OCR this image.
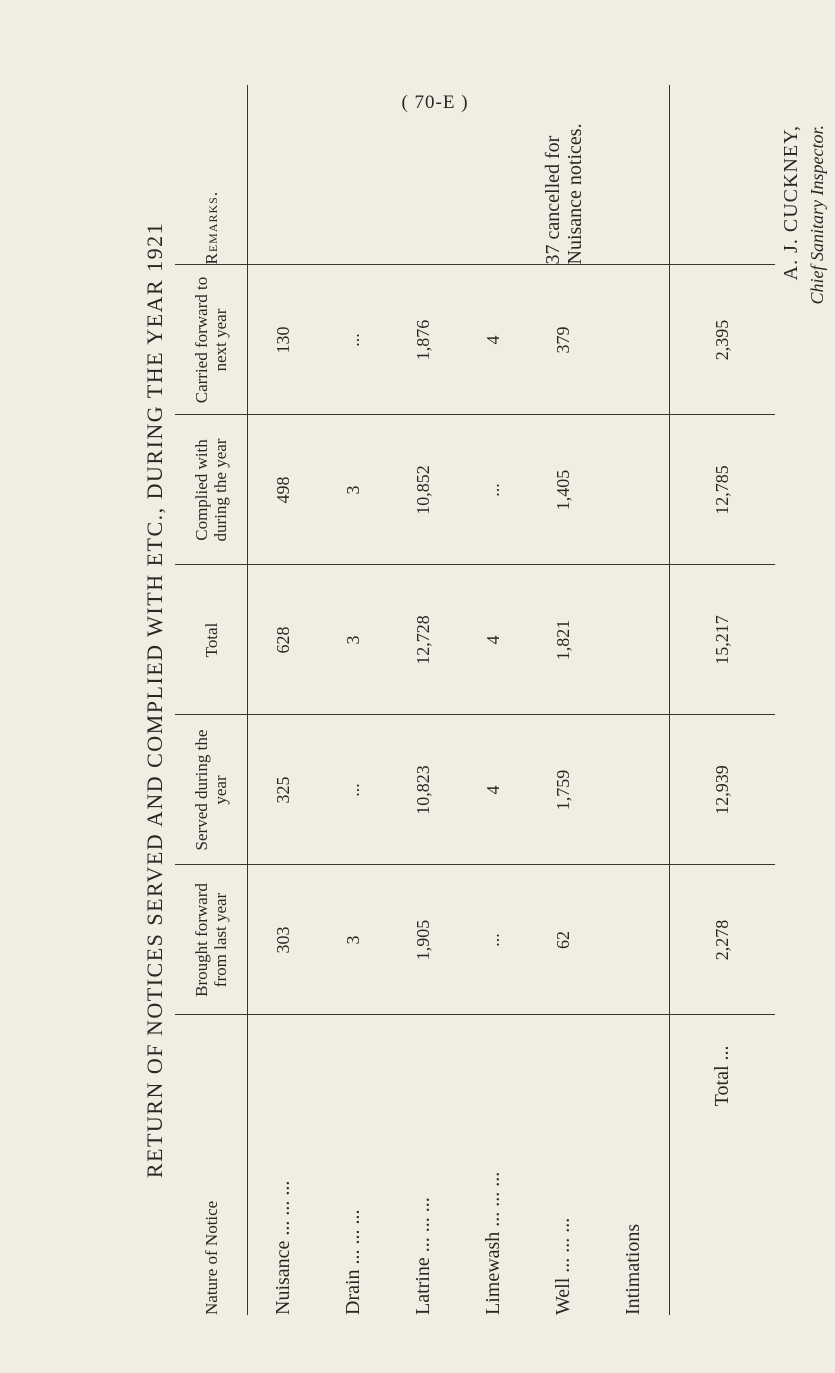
( 70-E )
RETURN OF NOTICES SERVED AND COMPLIED WITH ETC., DURING THE YEAR 1921
Nature of Notice	Brought forward from last year	Served during the year	Total	Complied with during the year	Carried forward to next year	Remarks.
Nuisance ... ... ...	303	325	628	498	130	
Drain ... ... ...	3	...	3	3	...	
Latrine ... ... ...	1,905	10,823	12,728	10,852	1,876	
Limewash ... ... ...	...	4	4	...	4	
Well ... ... ...	62	1,759	1,821	1,405	379	37 cancelled for Nuisance notices.
Intimations						
Total ...	2,278	12,939	15,217	12,785	2,395	
A. J. CUCKNEY, Chief Sanitary Inspector.
